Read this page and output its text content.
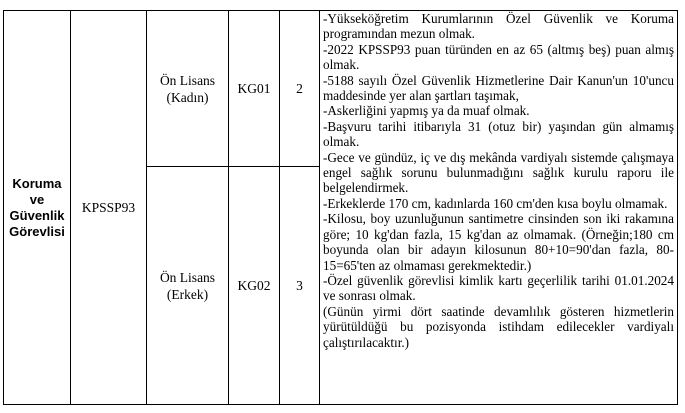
Koruma
ve
Güvenlik
Görevlisi
KPSSP93
Ön Lisans
(Kadın)
KG01	2
Ön Lisans
(Erkek)
KG02	3

-Yükseköğretim Kurumlarının Özel Güvenlik ve Koruma programından mezun olmak.

-2022 KPSSP93 puan türünden en az 65 (altmış beş) puan almış olmak.

-5188 sayılı Özel Güvenlik Hizmetlerine Dair Kanun'un 10'uncu maddesinde yer alan şartları taşımak,

-Askerliğini yapmış ya da muaf olmak.

-Başvuru tarihi itibarıyla 31 (otuz bir) yaşından gün almamış olmak.

-Gece ve gündüz, iç ve dış mekânda vardiyalı sistemde çalışmaya engel sağlık sorunu bulunmadığını sağlık kurulu raporu ile belgelendirmek.

-Erkeklerde 170 cm, kadınlarda 160 cm'den kısa boylu olmamak.

-Kilosu, boy uzunluğunun santimetre cinsinden son iki rakamına göre; 10 kg'dan fazla, 15 kg'dan az olmamak. (Örneğin;180 cm boyunda olan bir adayın kilosunun 80+10=90'dan fazla, 80-15=65'ten az olmaması gerekmektedir.)

-Özel güvenlik görevlisi kimlik kartı geçerlilik tarihi 01.01.2024 ve sonrası olmak.

(Günün yirmi dört saatinde devamlılık gösteren hizmetlerin yürütüldüğü bu pozisyonda istihdam edilecekler vardiyalı çalıştırılacaktır.)
